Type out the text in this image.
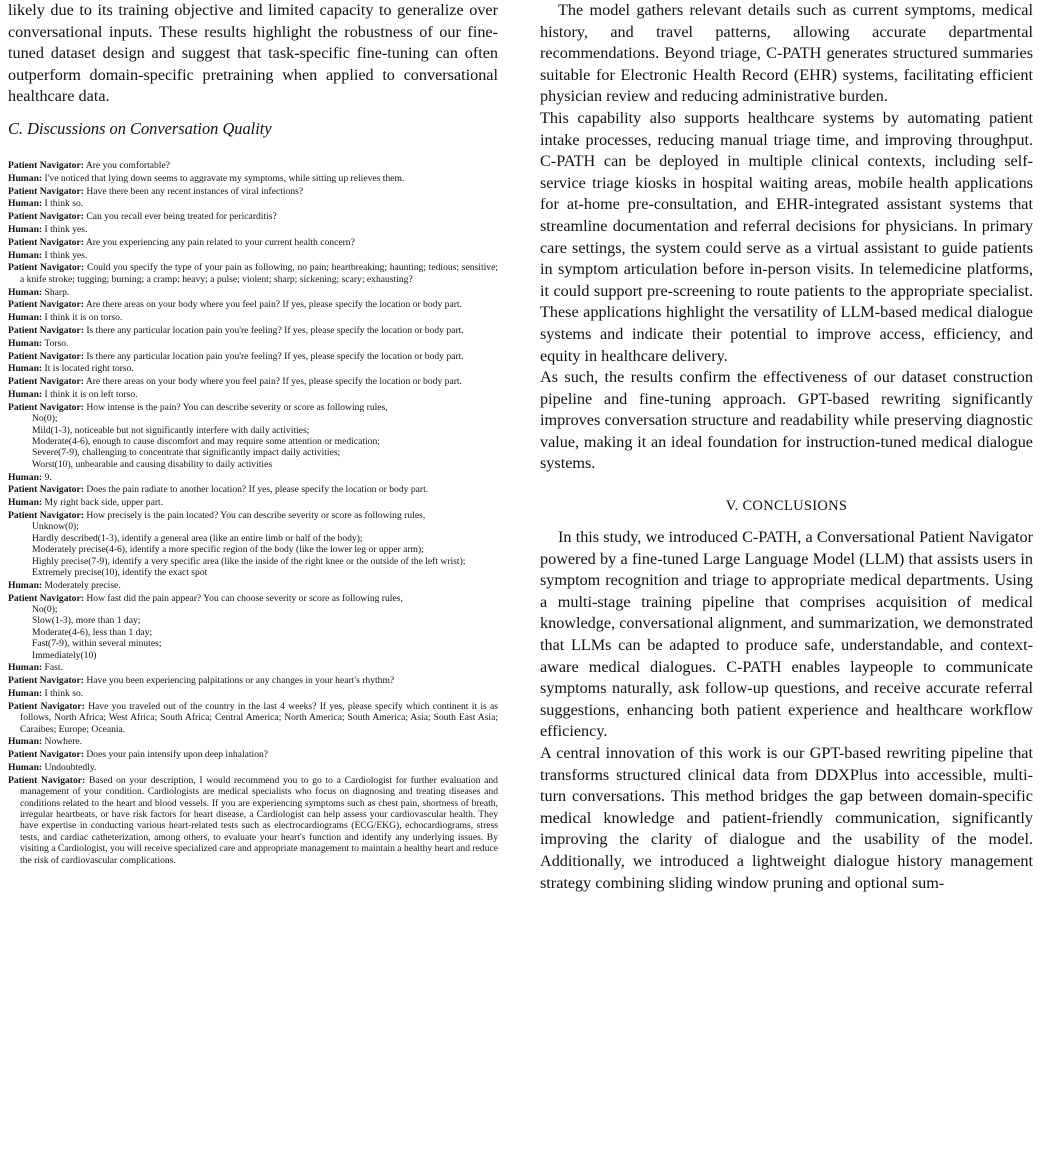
likely due to its training objective and limited capacity to generalize over conversational inputs. These results highlight the robustness of our fine-tuned dataset design and suggest that task-specific fine-tuning can often outperform domain-specific pretraining when applied to conversational healthcare data.

C. Discussions on Conversation Quality

Patient Navigator: Are you comfortable?

Human: I've noticed that lying down seems to aggravate my symptoms, while sitting up relieves them.

Patient Navigator: Have there been any recent instances of viral infections?

Human: I think so.

Patient Navigator: Can you recall ever being treated for pericarditis?

Human: I think yes.

Patient Navigator: Are you experiencing any pain related to your current health concern?

Human: I think yes.

Patient Navigator: Could you specify the type of your pain as following, no pain; heartbreaking; haunting; tedious; sensitive; a knife stroke; tugging; burning; a cramp; heavy; a pulse; violent; sharp; sickening; scary; exhausting?

Human: Sharp.

Patient Navigator: Are there areas on your body where you feel pain? If yes, please specify the location or body part.

Human: I think it is on torso.

Patient Navigator: Is there any particular location pain you're feeling? If yes, please specify the location or body part.

Human: Torso.

Patient Navigator: Is there any particular location pain you're feeling? If yes, please specify the location or body part.

Human: It is located right torso.

Patient Navigator: Are there areas on your body where you feel pain? If yes, please specify the location or body part.

Human: I think it is on left torso.

Patient Navigator: How intense is the pain? You can describe severity or score as following rules,
No(0);
Mild(1-3), noticeable but not significantly interfere with daily activities;
Moderate(4-6), enough to cause discomfort and may require some attention or medication;
Severe(7-9), challenging to concentrate that significantly impact daily activities;
Worst(10), unbearable and causing disability to daily activities

Human: 9.

Patient Navigator: Does the pain radiate to another location? If yes, please specify the location or body part.

Human: My right back side, upper part.

Patient Navigator: How precisely is the pain located? You can describe severity or score as following rules,
Unknow(0);
Hardly described(1-3), identify a general area (like an entire limb or half of the body);
Moderately precise(4-6), identify a more specific region of the body (like the lower leg or upper arm);
Highly precise(7-9), identify a very specific area (like the inside of the right knee or the outside of the left wrist);
Extremely precise(10), identify the exact spot

Human: Moderately precise.

Patient Navigator: How fast did the pain appear? You can choose severity or score as following rules,
No(0);
Slow(1-3), more than 1 day;
Moderate(4-6), less than 1 day;
Fast(7-9), within several minutes;
Immediately(10)

Human: Fast.

Patient Navigator: Have you been experiencing palpitations or any changes in your heart's rhythm?

Human: I think so.

Patient Navigator: Have you traveled out of the country in the last 4 weeks? If yes, please specify which continent it is as follows, North Africa; West Africa; South Africa; Central America; North America; South America; Asia; South East Asia; Caraibes; Europe; Oceania.

Human: Nowhere.

Patient Navigator: Does your pain intensify upon deep inhalation?

Human: Undoubtedly.

Patient Navigator: Based on your description, I would recommend you to go to a Cardiologist for further evaluation and management of your condition. Cardiologists are medical specialists who focus on diagnosing and treating diseases and conditions related to the heart and blood vessels. If you are experiencing symptoms such as chest pain, shortness of breath, irregular heartbeats, or have risk factors for heart disease, a Cardiologist can help assess your cardiovascular health. They have expertise in conducting various heart-related tests such as electrocardiograms (ECG/EKG), echocardiograms, stress tests, and cardiac catheterization, among others, to evaluate your heart's function and identify any underlying issues. By visiting a Cardiologist, you will receive specialized care and appropriate management to maintain a healthy heart and reduce the risk of cardiovascular complications.

The model gathers relevant details such as current symptoms, medical history, and travel patterns, allowing accurate departmental recommendations. Beyond triage, C-PATH generates structured summaries suitable for Electronic Health Record (EHR) systems, facilitating efficient physician review and reducing administrative burden.

This capability also supports healthcare systems by automating patient intake processes, reducing manual triage time, and improving throughput. C-PATH can be deployed in multiple clinical contexts, including self-service triage kiosks in hospital waiting areas, mobile health applications for at-home pre-consultation, and EHR-integrated assistant systems that streamline documentation and referral decisions for physicians. In primary care settings, the system could serve as a virtual assistant to guide patients in symptom articulation before in-person visits. In telemedicine platforms, it could support pre-screening to route patients to the appropriate specialist. These applications highlight the versatility of LLM-based medical dialogue systems and indicate their potential to improve access, efficiency, and equity in healthcare delivery.

As such, the results confirm the effectiveness of our dataset construction pipeline and fine-tuning approach. GPT-based rewriting significantly improves conversation structure and readability while preserving diagnostic value, making it an ideal foundation for instruction-tuned medical dialogue systems.

V. CONCLUSIONS

In this study, we introduced C-PATH, a Conversational Patient Navigator powered by a fine-tuned Large Language Model (LLM) that assists users in symptom recognition and triage to appropriate medical departments. Using a multi-stage training pipeline that comprises acquisition of medical knowledge, conversational alignment, and summarization, we demonstrated that LLMs can be adapted to produce safe, understandable, and context-aware medical dialogues. C-PATH enables laypeople to communicate symptoms naturally, ask follow-up questions, and receive accurate referral suggestions, enhancing both patient experience and healthcare workflow efficiency.

A central innovation of this work is our GPT-based rewriting pipeline that transforms structured clinical data from DDXPlus into accessible, multi-turn conversations. This method bridges the gap between domain-specific medical knowledge and patient-friendly communication, significantly improving the clarity of dialogue and the usability of the model. Additionally, we introduced a lightweight dialogue history management strategy combining sliding window pruning and optional sum-
